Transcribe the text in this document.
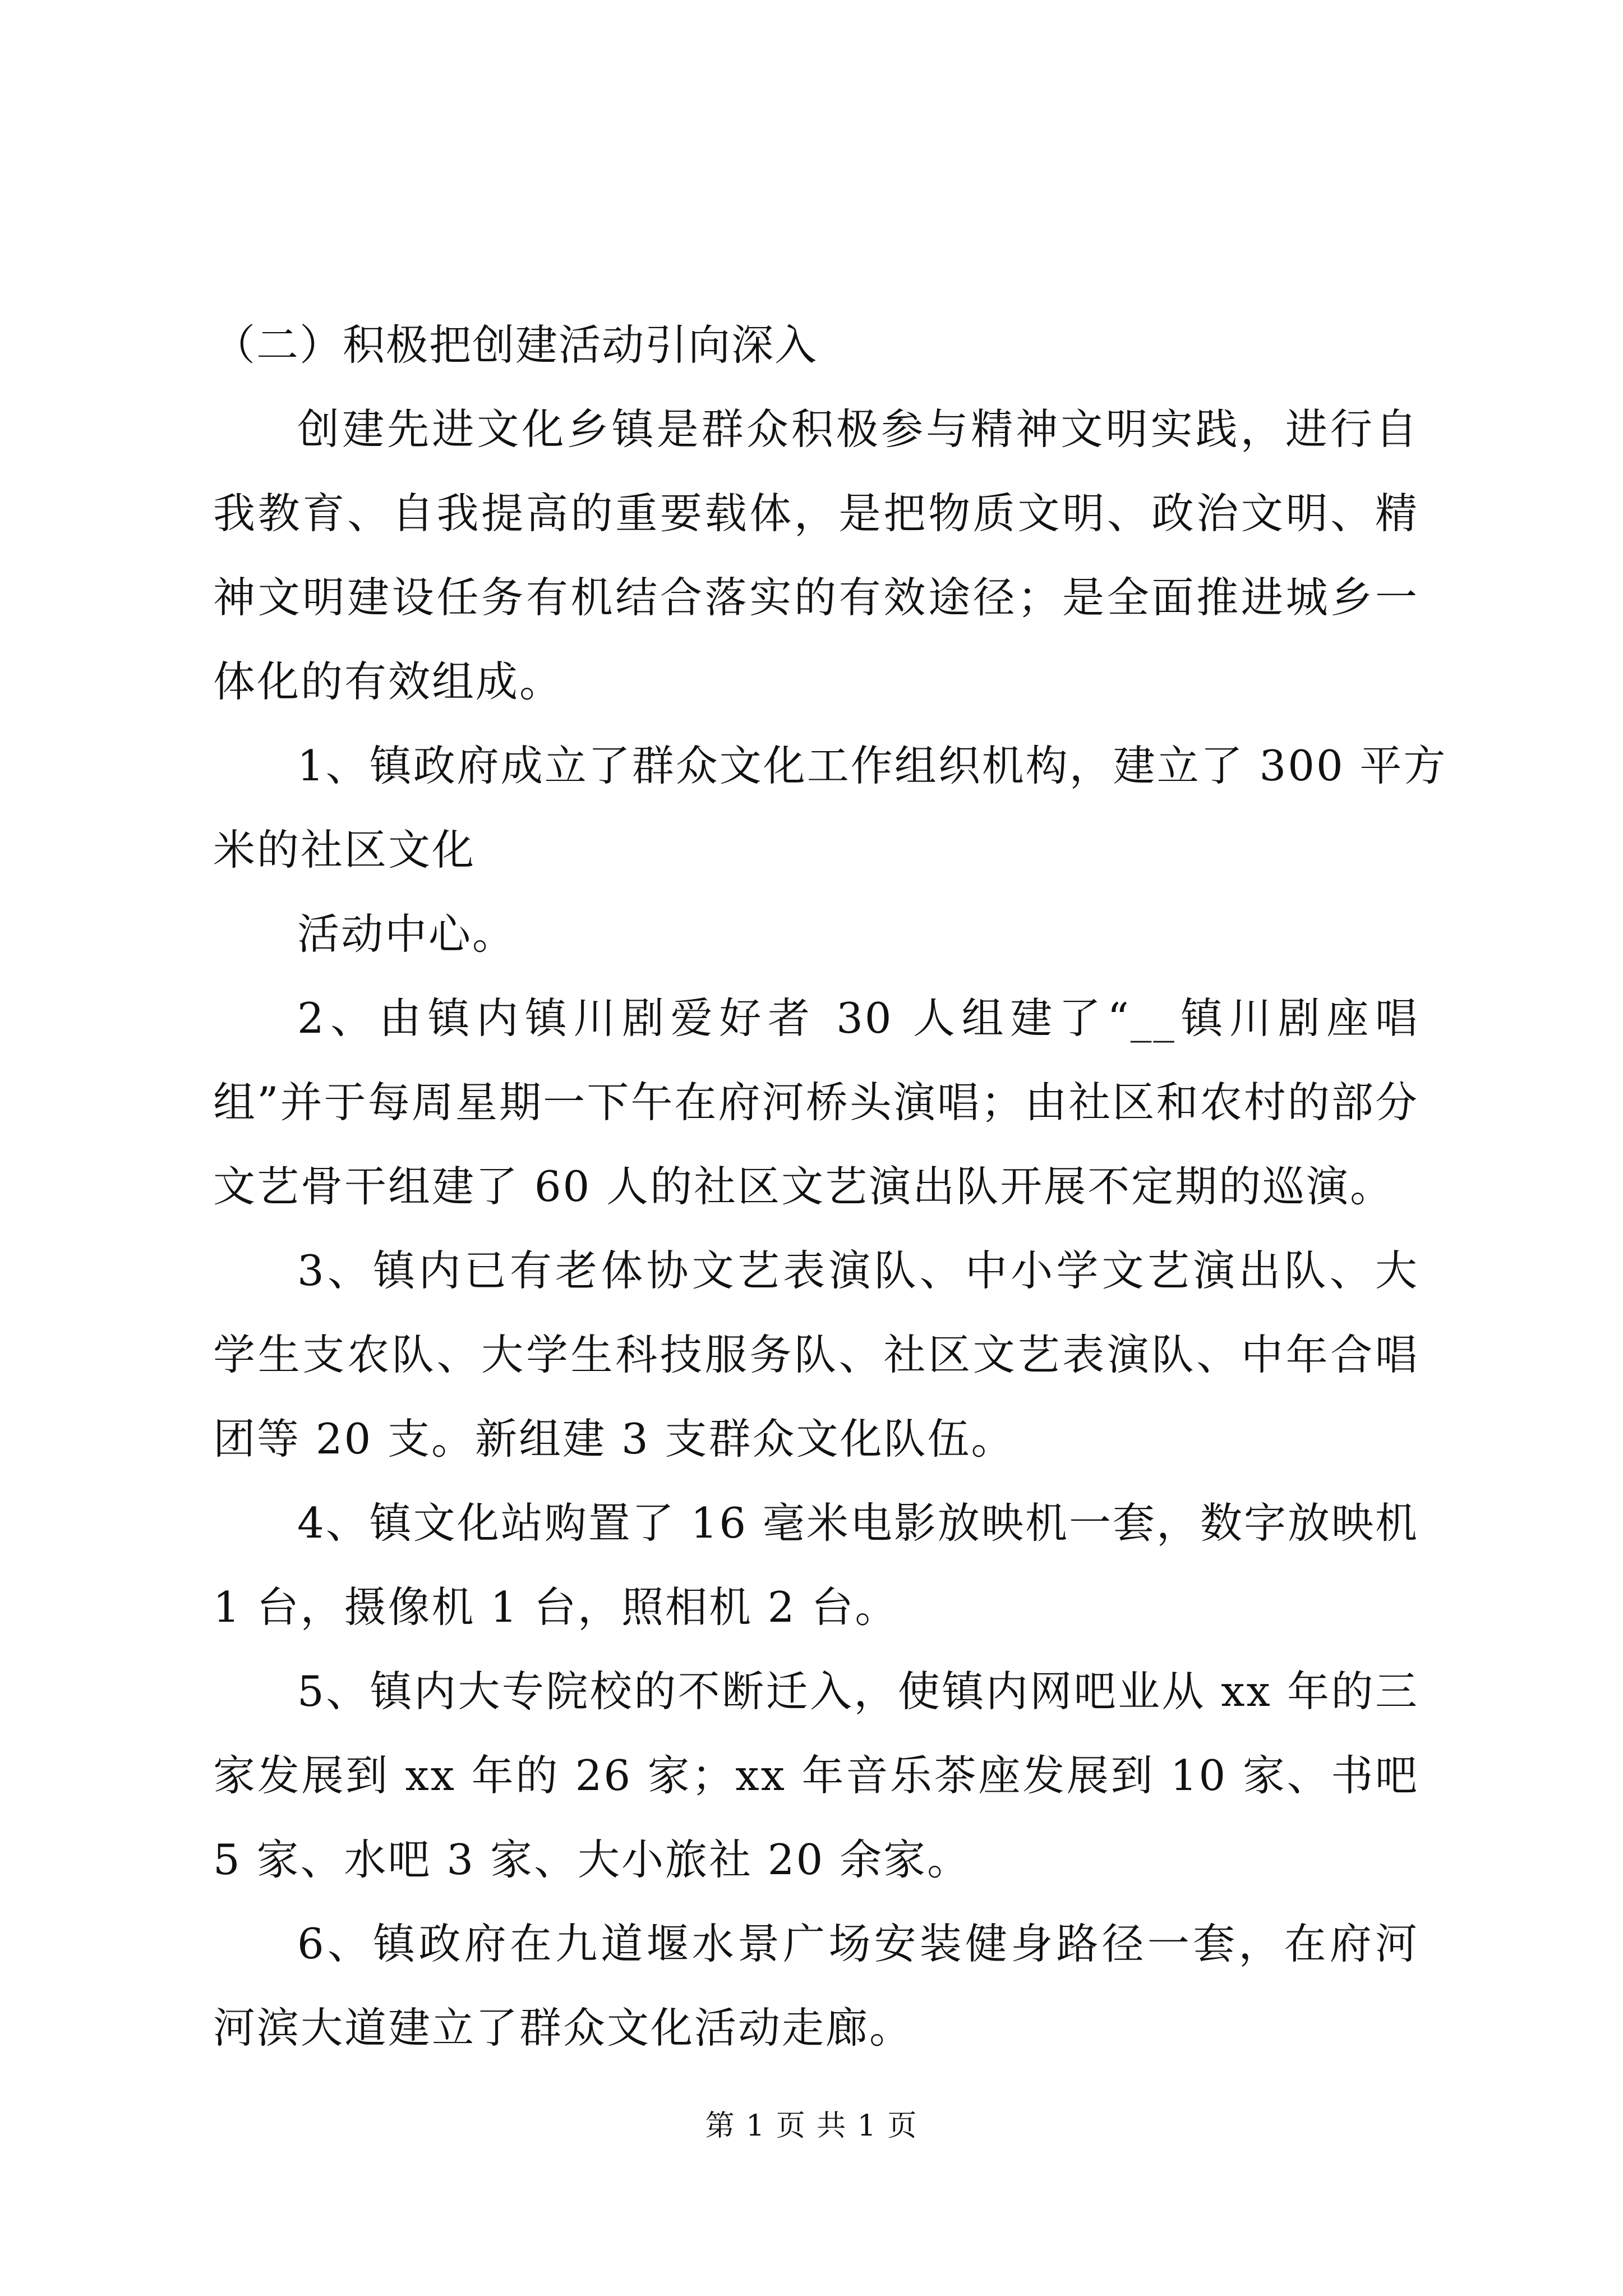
（二）积极把创建活动引向深入

创建先进文化乡镇是群众积极参与精神文明实践，进行自我教育、自我提高的重要载体，是把物质文明、政治文明、精神文明建设任务有机结合落实的有效途径；是全面推进城乡一体化的有效组成。

1、镇政府成立了群众文化工作组织机构，建立了 300 平方

米的社区文化

活动中心。

2、由镇内镇川剧爱好者 30 人组建了“__镇川剧座唱组”并于每周星期一下午在府河桥头演唱；由社区和农村的部分文艺骨干组建了 60 人的社区文艺演出队开展不定期的巡演。

3、镇内已有老体协文艺表演队、中小学文艺演出队、大学生支农队、大学生科技服务队、社区文艺表演队、中年合唱团等 20 支。新组建 3 支群众文化队伍。

4、镇文化站购置了 16 毫米电影放映机一套，数字放映机 1 台，摄像机 1 台，照相机 2 台。

5、镇内大专院校的不断迁入，使镇内网吧业从 xx 年的三家发展到 xx 年的 26 家；xx 年音乐茶座发展到 10 家、书吧 5 家、水吧 3 家、大小旅社 20 余家。

6、镇政府在九道堰水景广场安装健身路径一套，在府河河滨大道建立了群众文化活动走廊。

第 1 页 共 1 页
